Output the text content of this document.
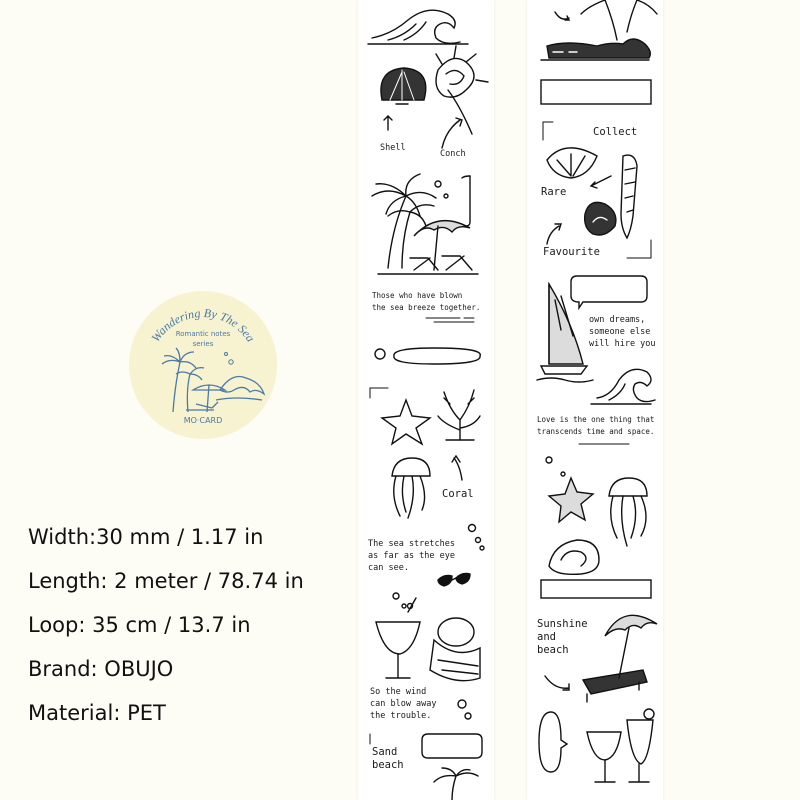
Wandering By The Sea
Romantic notes
series
MO·CARD
Width:30 mm / 1.17 in
Length: 2 meter / 78.74 in
Loop: 35 cm / 13.7 in
Brand: OBUJO
Material: PET
Shell
Conch
Those who have blown
the sea breeze together.
Coral
The sea stretches
as far as the eye
can see.
So the wind
can blow away
the trouble.
Sand
beach
Collect
Rare
Favourite
own dreams,
someone else
will hire you
Love is the one thing that
transcends time and space.
Sunshine
and
beach
